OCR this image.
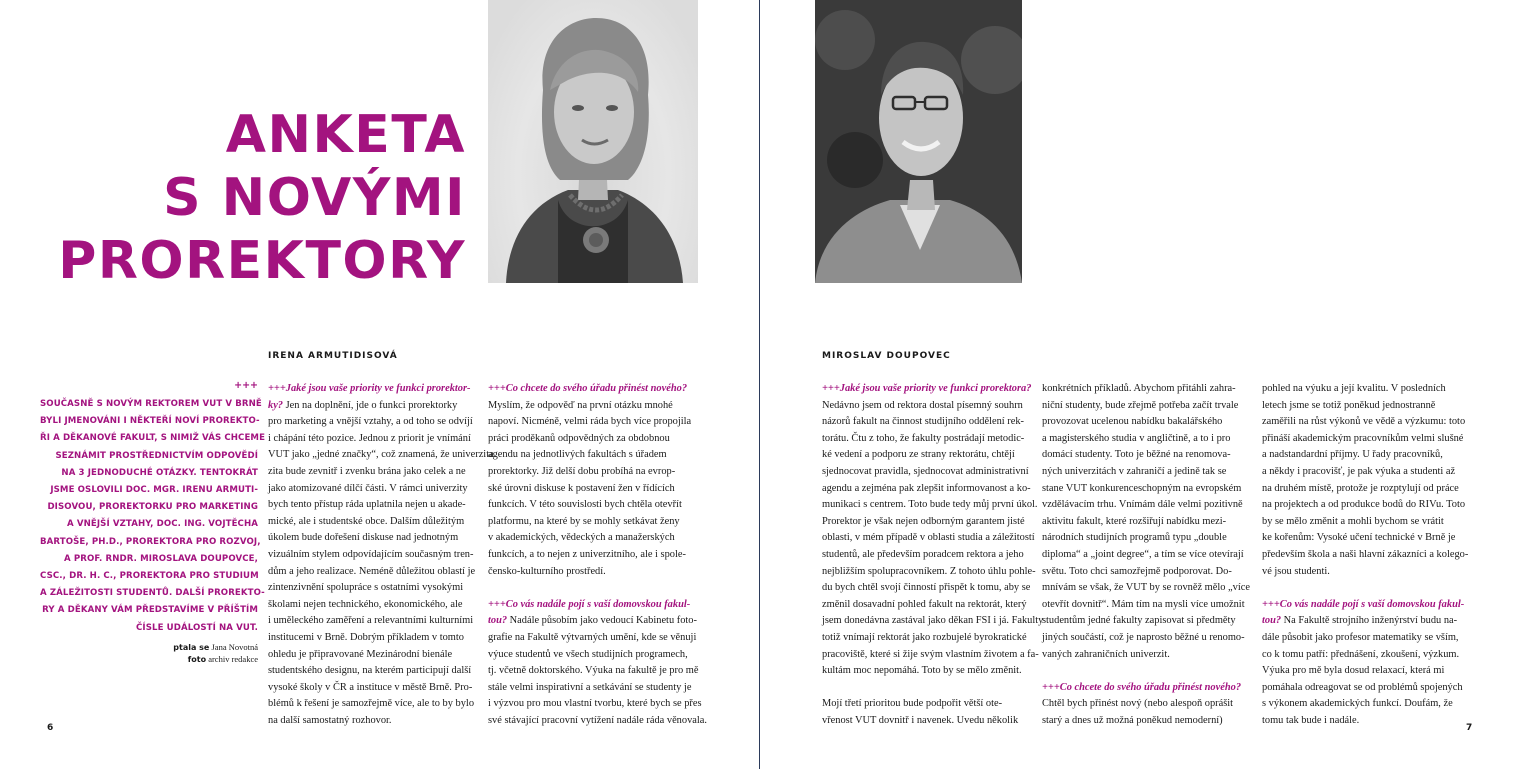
ANKETA
S NOVÝMI
PROREKTORY
IRENA ARMUTIDISOVÁ
+++
SOUČASNĚ S NOVÝM REKTOREM VUT V BRNĚ
BYLI JMENOVÁNI I NĚKTEŘÍ NOVÍ PROREKTO-
ŘI A DĚKANOVÉ FAKULT, S NIMIŽ VÁS CHCEME
SEZNÁMIT PROSTŘEDNICTVÍM ODPOVĚDÍ
NA 3 JEDNODUCHÉ OTÁZKY. TENTOKRÁT
JSME OSLOVILI DOC. MGR. IRENU ARMUTI-
DISOVOU, PROREKTORKU PRO MARKETING
A VNĚJŠÍ VZTAHY, DOC. ING. VOJTĚCHA
BARTOŠE, PH.D., PROREKTORA PRO ROZVOJ,
A PROF. RNDR. MIROSLAVA DOUPOVCE,
CSC., DR. H. C., PROREKTORA PRO STUDIUM
A ZÁLEŽITOSTI STUDENTŮ. DALŠÍ PROREKTO-
RY A DĚKANY VÁM PŘEDSTAVÍME V PŘÍŠTÍM
ČÍSLE UDÁLOSTÍ NA VUT.
ptala se Jana Novotná
foto archiv redakce
+++Jaké jsou vaše priority ve funkci prorektor-
ky? Jen na doplnění, jde o funkci prorektorky
pro marketing a vnější vztahy, a od toho se odvíjí
i chápání této pozice. Jednou z priorit je vnímání
VUT jako „jedné značky“, což znamená, že univerzita
zita bude zevnitř i zvenku brána jako celek a ne
jako atomizované dílčí části. V rámci univerzity
bych tento přístup ráda uplatnila nejen u akade-
mické, ale i studentské obce. Dalším důležitým
úkolem bude dořešení diskuse nad jednotným
vizuálním stylem odpovídajícím současným tren-
dům a jeho realizace. Neméně důležitou oblastí je
zintenzivnění spolupráce s ostatními vysokými
školami nejen technického, ekonomického, ale
i uměleckého zaměření a relevantními kulturními
institucemi v Brně. Dobrým příkladem v tomto
ohledu je připravované Mezinárodní bienále
studentského designu, na kterém participují další
vysoké školy v ČR a instituce v městě Brně. Pro-
blémů k řešení je samozřejmě více, ale to by bylo
na další samostatný rozhovor.
+++Co chcete do svého úřadu přinést nového?
Myslím, že odpověď na první otázku mnohé
napoví. Nicméně, velmi ráda bych více propojila
práci proděkanů odpovědných za obdobnou
agendu na jednotlivých fakultách s úřadem
prorektorky. Již delší dobu probíhá na evrop-
ské úrovni diskuse k postavení žen v řídících
funkcích. V této souvislosti bych chtěla otevřít
platformu, na které by se mohly setkávat ženy
v akademických, vědeckých a manažerských
funkcích, a to nejen z univerzitního, ale i spole-
čensko-kulturního prostředí.
+++Co vás nadále pojí s vaší domovskou fakul-
tou? Nadále působím jako vedoucí Kabinetu foto-
grafie na Fakultě výtvarných umění, kde se věnuji
výuce studentů ve všech studijních programech,
tj. včetně doktorského. Výuka na fakultě je pro mě
stále velmi inspirativní a setkávání se studenty je
i výzvou pro mou vlastní tvorbu, které bych se přes
své stávající pracovní vytížení nadále ráda věnovala.
6
MIROSLAV DOUPOVEC
+++Jaké jsou vaše priority ve funkci prorektora?
Nedávno jsem od rektora dostal písemný souhrn
názorů fakult na činnost studijního oddělení rek-
torátu. Čtu z toho, že fakulty postrádají metodic-
ké vedení a podporu ze strany rektorátu, chtějí
sjednocovat pravidla, sjednocovat administrativní
agendu a zejména pak zlepšit informovanost a ko-
munikaci s centrem. Toto bude tedy můj první úkol.
Prorektor je však nejen odborným garantem jisté
oblasti, v mém případě v oblasti studia a záležitostí
studentů, ale především poradcem rektora a jeho
nejbližším spolupracovníkem. Z tohoto úhlu pohle-
du bych chtěl svojí činností přispět k tomu, aby se
změnil dosavadní pohled fakult na rektorát, který
jsem donedávna zastával jako děkan FSI i já. Fakulty
totiž vnímají rektorát jako rozbujelé byrokratické
pracoviště, které si žije svým vlastním životem a fa-
kultám moc nepomáhá. Toto by se mělo změnit.
Mojí třetí prioritou bude podpořit větší ote-
vřenost VUT dovnitř i navenek. Uvedu několik
konkrétních příkladů. Abychom přitáhli zahra-
niční studenty, bude zřejmě potřeba začít trvale
provozovat ucelenou nabídku bakalářského
a magisterského studia v angličtině, a to i pro
domácí studenty. Toto je běžné na renomova-
ných univerzitách v zahraničí a jedině tak se
stane VUT konkurenceschopným na evropském
vzdělávacím trhu. Vnímám dále velmi pozitivně
aktivitu fakult, které rozšiřují nabídku mezi-
národních studijních programů typu „double
diploma“ a „joint degree“, a tím se více otevírají
světu. Toto chci samozřejmě podporovat. Do-
mnívám se však, že VUT by se rovněž mělo „více
otevřít dovnitř“. Mám tím na mysli více umožnit
studentům jedné fakulty zapisovat si předměty
jiných součástí, což je naprosto běžné u renomo-
vaných zahraničních univerzit.
+++Co chcete do svého úřadu přinést nového?
Chtěl bych přinést nový (nebo alespoň oprášit
starý a dnes už možná poněkud nemoderní)
pohled na výuku a její kvalitu. V posledních
letech jsme se totiž poněkud jednostranně
zaměřili na růst výkonů ve vědě a výzkumu: toto
přináší akademickým pracovníkům velmi slušné
a nadstandardní příjmy. U řady pracovníků,
a někdy i pracovišť, je pak výuka a studenti až
na druhém místě, protože je rozptylují od práce
na projektech a od produkce bodů do RIVu. Toto
by se mělo změnit a mohli bychom se vrátit
ke kořenům: Vysoké učení technické v Brně je
především škola a naši hlavní zákazníci a kolego-
vé jsou studenti.
+++Co vás nadále pojí s vaší domovskou fakul-
tou? Na Fakultě strojního inženýrství budu na-
dále působit jako profesor matematiky se vším,
co k tomu patří: přednášení, zkoušení, výzkum.
Výuka pro mě byla dosud relaxací, která mi
pomáhala odreagovat se od problémů spojených
s výkonem akademických funkcí. Doufám, že
tomu tak bude i nadále.
7
